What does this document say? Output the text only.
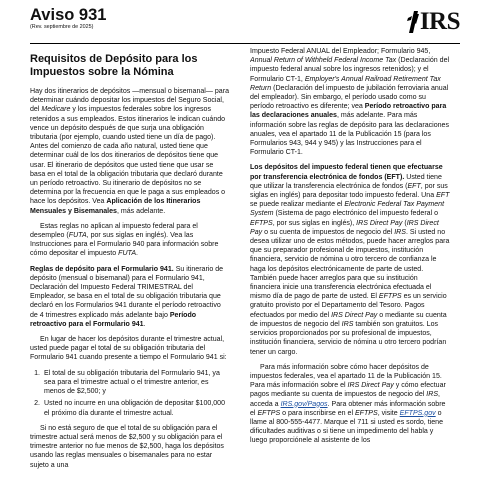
Aviso 931
(Rev. septiembre de 2025)	IRS
Requisitos de Depósito para los
Impuestos sobre la Nómina

Hay dos itinerarios de depósitos —mensual o bisemanal— para determinar cuándo depositar los impuestos del Seguro Social, del Medicare y los impuestos federales sobre los ingresos retenidos a sus empleados. Estos itinerarios le indican cuándo vence un depósito después de que surja una obligación tributaria (por ejemplo, cuando usted tiene un día de pago). Antes del comienzo de cada año natural, usted tiene que determinar cuál de los dos itinerarios de depósitos tiene que usar. El itinerario de depósitos que usted tiene que usar se basa en el total de la obligación tributaria que declaró durante un período retroactivo. Su itinerario de depósitos no se determina por la frecuencia en que le paga a sus empleados o hace los depósitos. Vea Aplicación de los Itinerarios Mensuales y Bisemanales, más adelante.

Estas reglas no aplican al impuesto federal para el desempleo (FUTA, por sus siglas en inglés). Vea las Instrucciones para el Formulario 940 para información sobre cómo depositar el impuesto FUTA.

Reglas de depósito para el Formulario 941. Su itinerario de depósito (mensual o bisemanal) para el Formulario 941, Declaración del Impuesto Federal TRIMESTRAL del Empleador, se basa en el total de su obligación tributaria que declaró en los Formularios 941 durante el período retroactivo de 4 trimestres explicado más adelante bajo Período retroactivo para el Formulario 941.

En lugar de hacer los depósitos durante el trimestre actual, usted puede pagar el total de su obligación tributaria del Formulario 941 cuando presente a tiempo el Formulario 941 si:

1. El total de su obligación tributaria del Formulario 941, ya sea para el trimestre actual o el trimestre anterior, es menos de $2,500; y
2. Usted no incurre en una obligación de depositar $100,000 el próximo día durante el trimestre actual.

Si no está seguro de que el total de su obligación para el trimestre actual será menos de $2,500 y su obligación para el trimestre anterior no fue menos de $2,500, haga los depósitos usando las reglas mensuales o bisemanales para no estar sujeto a una

Impuesto Federal ANUAL del Empleador; Formulario 945, Annual Return of Withheld Federal Income Tax (Declaración del impuesto federal anual sobre los ingresos retenidos); y el Formulario CT-1, Employer's Annual Railroad Retirement Tax Return (Declaración del impuesto de jubilación ferroviaria anual del empleador). Sin embargo, el período usado como su período retroactivo es diferente; vea Período retroactivo para las declaraciones anuales, más adelante. Para más información sobre las reglas de depósito para las declaraciones anuales, vea el apartado 11 de la Publicación 15 (para los Formularios 943, 944 y 945) y las Instrucciones para el Formulario CT-1.

Los depósitos del impuesto federal tienen que efectuarse por transferencia electrónica de fondos (EFT). Usted tiene que utilizar la transferencia electrónica de fondos (EFT, por sus siglas en inglés) para depositar todo impuesto federal. Una EFT se puede realizar mediante el Electronic Federal Tax Payment System (Sistema de pago electrónico del impuesto federal o EFTPS, por sus siglas en inglés), IRS Direct Pay (IRS Direct Pay o su cuenta de impuestos de negocio del IRS. Si usted no desea utilizar uno de estos métodos, puede hacer arreglos para que su preparador profesional de impuestos, institución financiera, servicio de nómina u otro tercero de confianza le haga los depósitos electrónicamente de parte de usted. También puede hacer arreglos para que su institución financiera inicie una transferencia electrónica efectuada el mismo día de pago de parte de usted. El EFTPS es un servicio gratuito provisto por el Departamento del Tesoro. Pagos efectuados por medio del IRS Direct Pay o mediante su cuenta de impuestos de negocio del IRS también son gratuitos. Los servicios proporcionados por su profesional de impuestos, institución financiera, servicio de nómina u otro tercero podrían tener un cargo.

Para más información sobre cómo hacer depósitos de impuestos federales, vea el apartado 11 de la Publicación 15. Para más información sobre el IRS Direct Pay y cómo efectuar pagos mediante su cuenta de impuestos de negocio del IRS, acceda a IRS.gov/Pagos. Para obtener más información sobre el EFTPS o para inscribirse en el EFTPS, visite EFTPS.gov o llame al 800-555-4477. Marque el 711 si usted es sordo, tiene dificultades auditivas o si tiene un impedimento del habla y luego proporciónele al asistente de los
